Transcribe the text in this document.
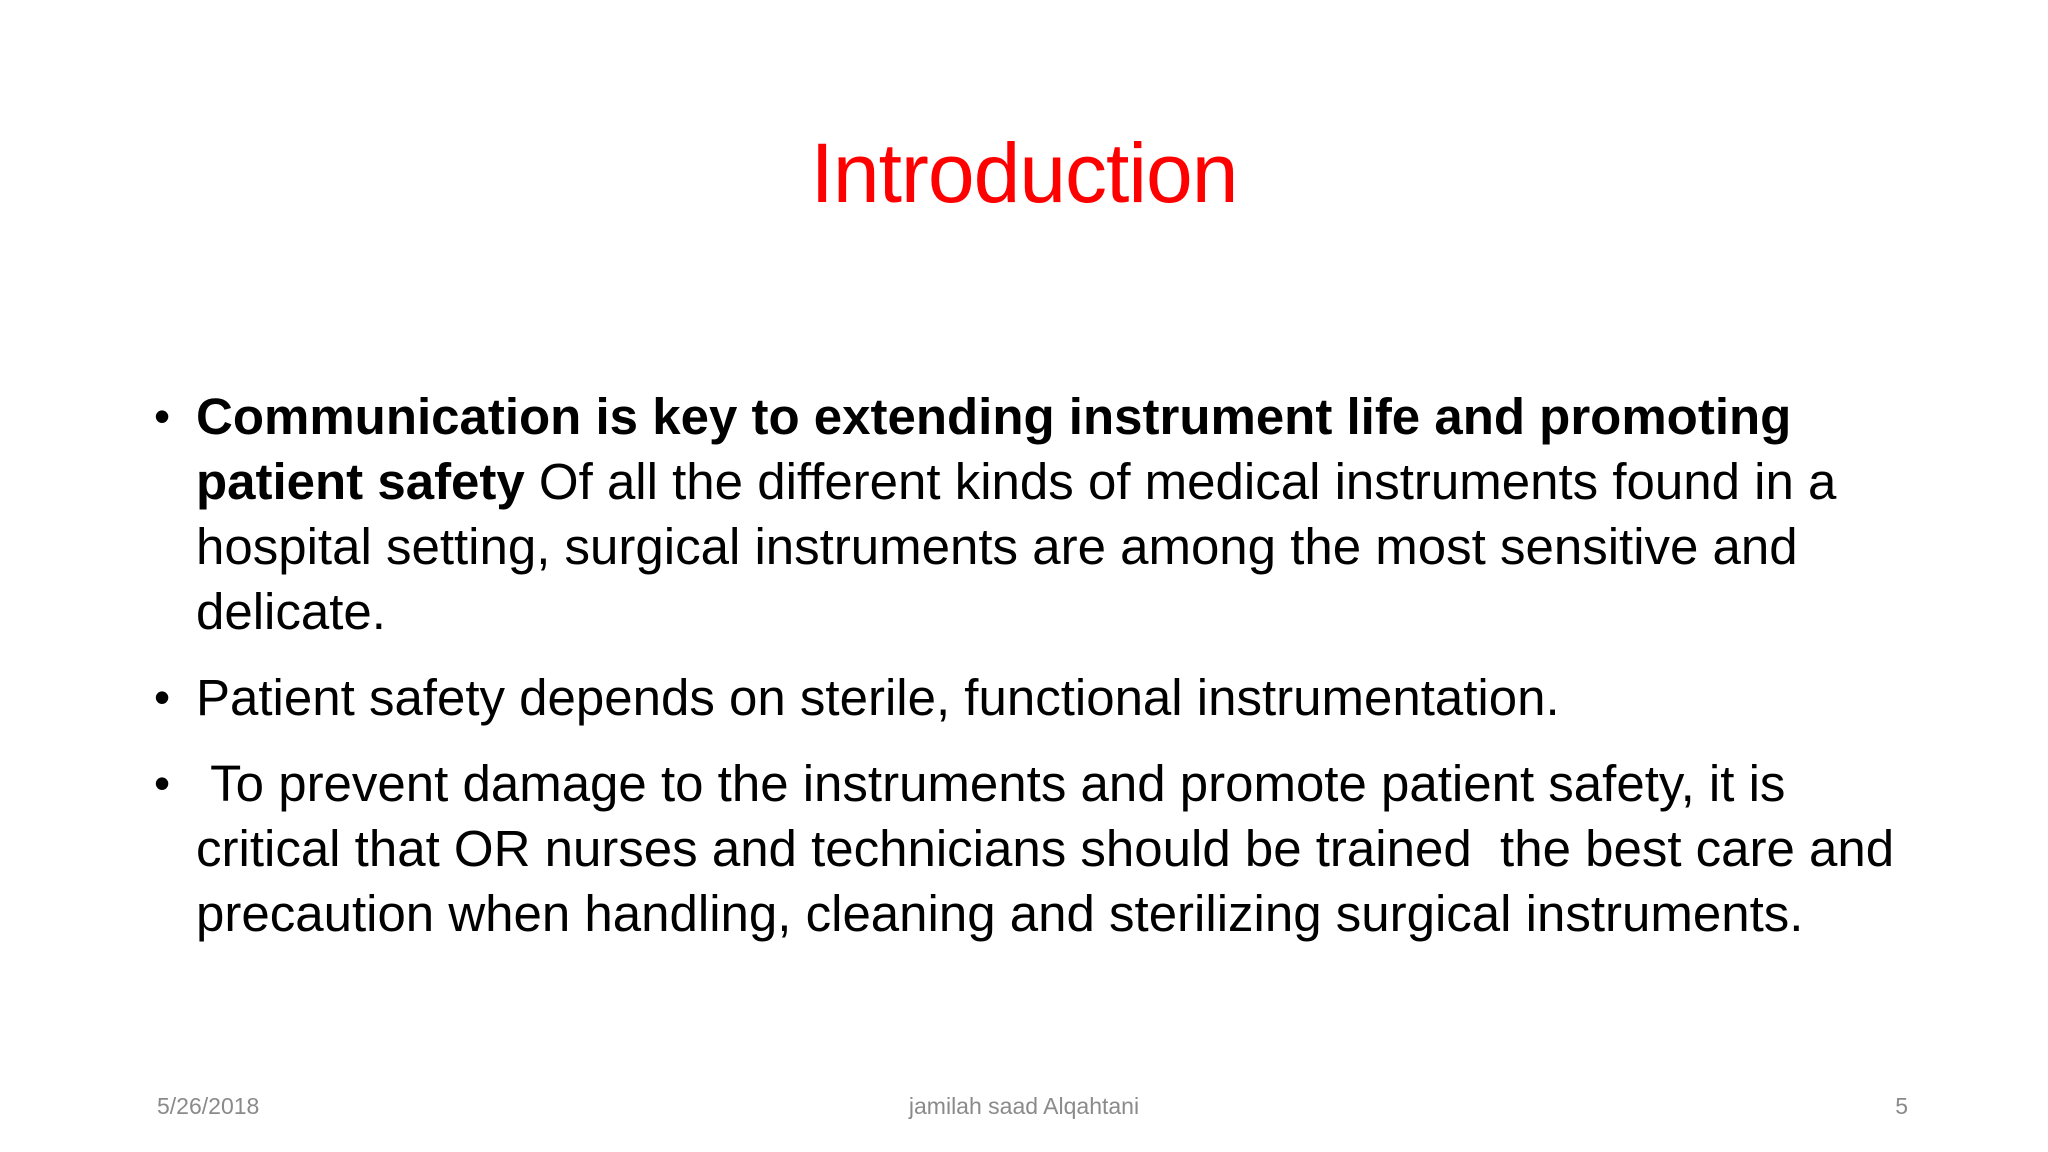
Introduction
• Communication is key to extending instrument life and promoting patient safety Of all the different kinds of medical instruments found in a hospital setting, surgical instruments are among the most sensitive and delicate.
• Patient safety depends on sterile, functional instrumentation.
• To prevent damage to the instruments and promote patient safety, it is critical that OR nurses and technicians should be trained  the best care and precaution when handling, cleaning and sterilizing surgical instruments.
5/26/2018	jamilah saad Alqahtani	5
